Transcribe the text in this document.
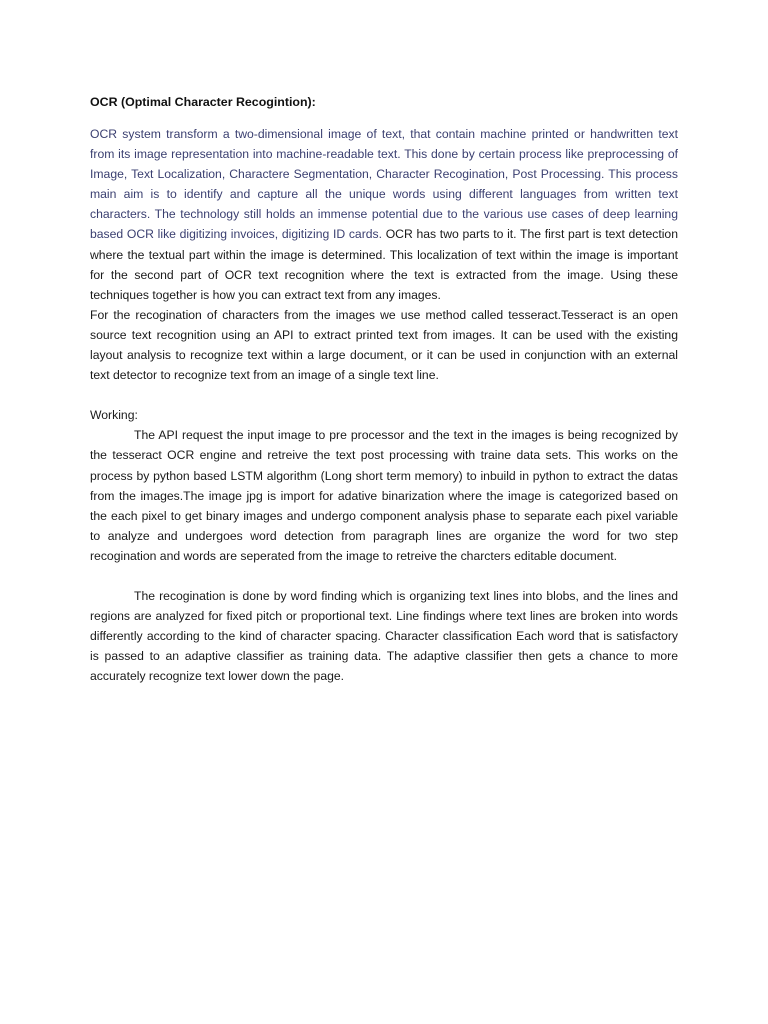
OCR (Optimal Character Recogintion):

OCR system transform a two-dimensional image of text, that contain machine printed or handwritten text from its image representation into machine-readable text. This done by certain process like preprocessing of Image, Text Localization, Charactere Segmentation, Character Recogination, Post Processing. This process main aim is to identify and capture all the unique words using different languages from written text characters. The technology still holds an immense potential due to the various use cases of deep learning based OCR like digitizing invoices, digitizing ID cards. OCR has two parts to it. The first part is text detection where the textual part within the image is determined. This localization of text within the image is important for the second part of OCR text recognition where the text is extracted from the image. Using these techniques together is how you can extract text from any images.

For the recogination of characters from the images we use method called tesseract.Tesseract is an open source text recognition using an API to extract printed text from images. It can be used with the existing layout analysis to recognize text within a large document, or it can be used in conjunction with an external text detector to recognize text from an image of a single text line.

Working:

The API request the input image to pre processor and the text in the images is being recognized by the tesseract OCR engine and retreive the text post processing with traine data sets. This works on the process by python based LSTM algorithm (Long short term memory) to inbuild in python to extract the datas from the images.The image jpg is import for adative binarization where the image is categorized based on the each pixel to get binary images and undergo component analysis phase to separate each pixel variable to analyze and undergoes word detection from paragraph lines are organize the word for two step recogination and words are seperated from the image to retreive the charcters editable document.

The recogination is done by word finding which is organizing text lines into blobs, and the lines and regions are analyzed for fixed pitch or proportional text. Line findings where text lines are broken into words differently according to the kind of character spacing. Character classification Each word that is satisfactory is passed to an adaptive classifier as training data. The adaptive classifier then gets a chance to more accurately recognize text lower down the page.
